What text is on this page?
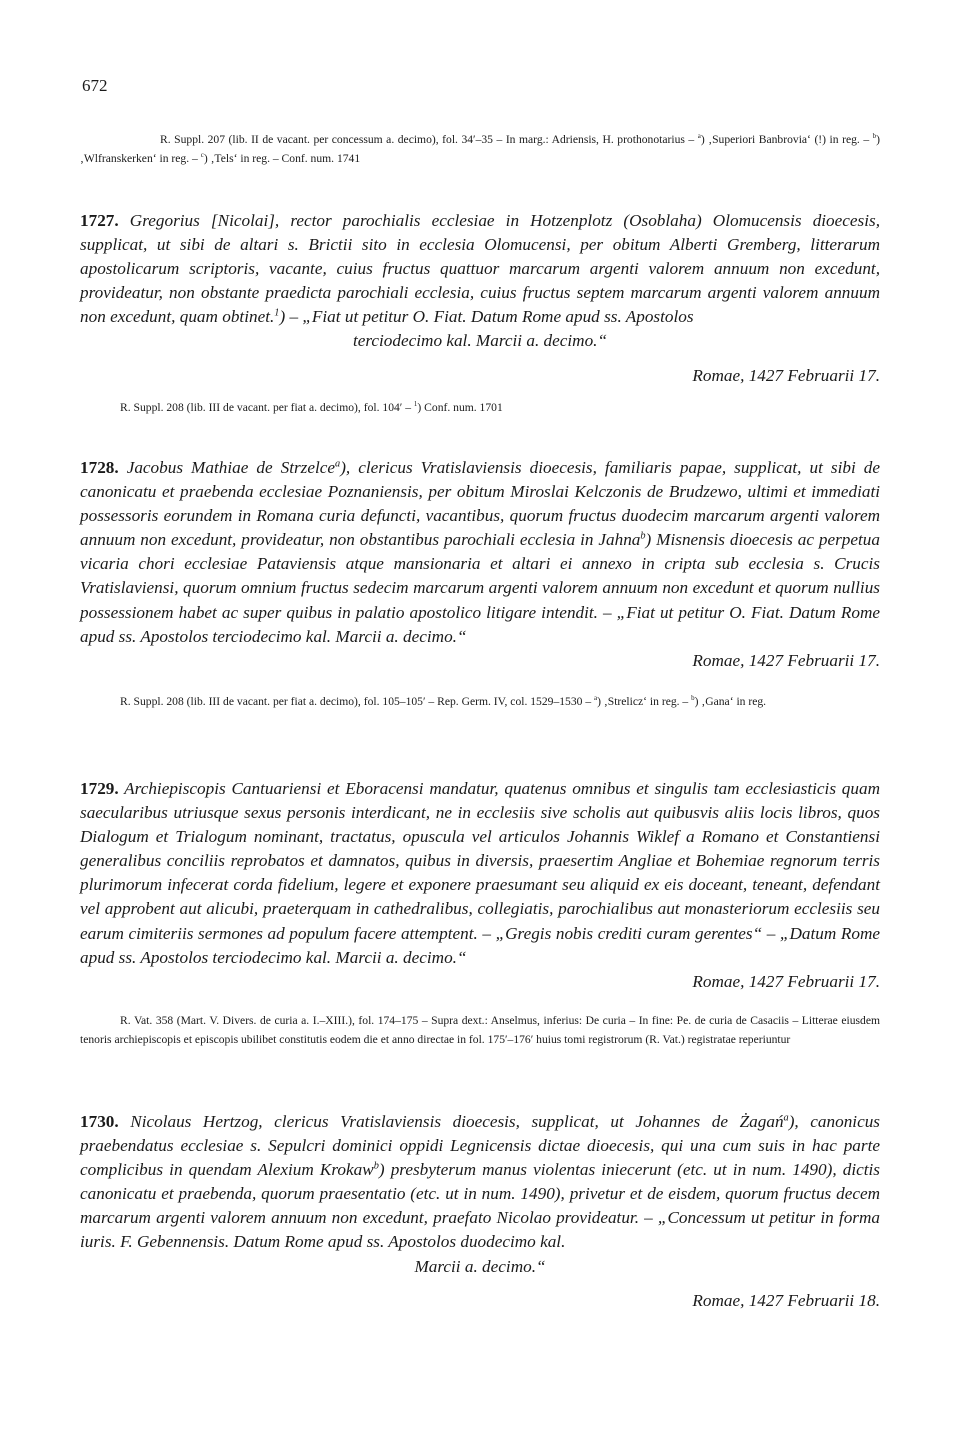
672
R. Suppl. 207 (lib. II de vacant. per concessum a. decimo), fol. 34′–35 – In marg.: Adriensis, H. prothonotarius – $^a$) ‚Superiori Banbrovia‘ (!) in reg. – $^b$) ‚Wlfranskerken‘ in reg. – $^c$) ‚Tels‘ in reg. – Conf. num. 1741
1727. Gregorius [Nicolai], rector parochialis ecclesiae in Hotzenplotz (Osoblaha) Olomucensis dioecesis, supplicat, ut sibi de altari s. Brictii sito in ecclesia Olomucensi, per obitum Alberti Gremberg, litterarum apostolicarum scriptoris, vacante, cuius fructus quattuor marcarum argenti valorem annuum non excedunt, provideatur, non obstante praedicta parochiali ecclesia, cuius fructus septem marcarum argenti valorem annuum non excedunt, quam obtinet.$^1$) – „Fiat ut petitur O. Fiat. Datum Rome apud ss. Apostolos
terciodecimo kal. Marcii a. decimo.“
Romae, 1427 Februarii 17.
R. Suppl. 208 (lib. III de vacant. per fiat a. decimo), fol. 104′ – $^1$) Conf. num. 1701
1728. Jacobus Mathiae de Strzelce$^a$), clericus Vratislaviensis dioecesis, familiaris papae, supplicat, ut sibi de canonicatu et praebenda ecclesiae Poznaniensis, per obitum Miroslai Kelczonis de Brudzewo, ultimi et immediati possessoris eorundem in Romana curia defuncti, vacantibus, quorum fructus duodecim marcarum argenti valorem annuum non excedunt, provideatur, non obstantibus parochiali ecclesia in Jahna$^b$) Misnensis dioecesis ac perpetua vicaria chori ecclesiae Pataviensis atque mansionaria et altari ei annexo in cripta sub ecclesia s. Crucis Vratislaviensi, quorum omnium fructus sedecim marcarum argenti valorem annuum non excedunt et quorum nullius possessionem habet ac super quibus in palatio apostolico litigare intendit. – „Fiat ut petitur O. Fiat. Datum Rome apud ss. Apostolos terciodecimo kal. Marcii a. decimo.“
Romae, 1427 Februarii 17.
R. Suppl. 208 (lib. III de vacant. per fiat a. decimo), fol. 105–105′ – Rep. Germ. IV, col. 1529–1530 – $^a$) ‚Strelicz‘ in reg. – $^b$) ‚Gana‘ in reg.
1729. Archiepiscopis Cantuariensi et Eboracensi mandatur, quatenus omnibus et singulis tam ecclesiasticis quam saecularibus utriusque sexus personis interdicant, ne in ecclesiis sive scholis aut quibusvis aliis locis libros, quos Dialogum et Trialogum nominant, tractatus, opuscula vel articulos Johannis Wiklef a Romano et Constantiensi generalibus conciliis reprobatos et damnatos, quibus in diversis, praesertim Angliae et Bohemiae regnorum terris plurimorum infecerat corda fidelium, legere et exponere praesumant seu aliquid ex eis doceant, teneant, defendant vel approbent aut alicubi, praeterquam in cathedralibus, collegiatis, parochialibus aut monasteriorum ecclesiis seu earum cimiteriis sermones ad populum facere attemptent. – „Gregis nobis crediti curam gerentes“ – „Datum Rome apud ss. Apostolos terciodecimo kal. Marcii a. decimo.“
Romae, 1427 Februarii 17.
R. Vat. 358 (Mart. V. Divers. de curia a. I.–XIII.), fol. 174–175 – Supra dext.: Anselmus, inferius: De curia – In fine: Pe. de curia de Casaciis – Litterae eiusdem tenoris archiepiscopis et episcopis ubilibet constitutis eodem die et anno directae in fol. 175′–176′ huius tomi registrorum (R. Vat.) registratae reperiuntur
1730. Nicolaus Hertzog, clericus Vratislaviensis dioecesis, supplicat, ut Johannes de Żagań$^a$), canonicus praebendatus ecclesiae s. Sepulcri dominici oppidi Legnicensis dictae dioecesis, qui una cum suis in hac parte complicibus in quendam Alexium Krokaw$^b$) presbyterum manus violentas iniecerunt (etc. ut in num. 1490), dictis canonicatu et praebenda, quorum praesentatio (etc. ut in num. 1490), privetur et de eisdem, quorum fructus decem marcarum argenti valorem annuum non excedunt, praefato Nicolao provideatur. – „Concessum ut petitur in forma iuris. F. Gebennensis. Datum Rome apud ss. Apostolos duodecimo kal.
Marcii a. decimo.“
Romae, 1427 Februarii 18.
